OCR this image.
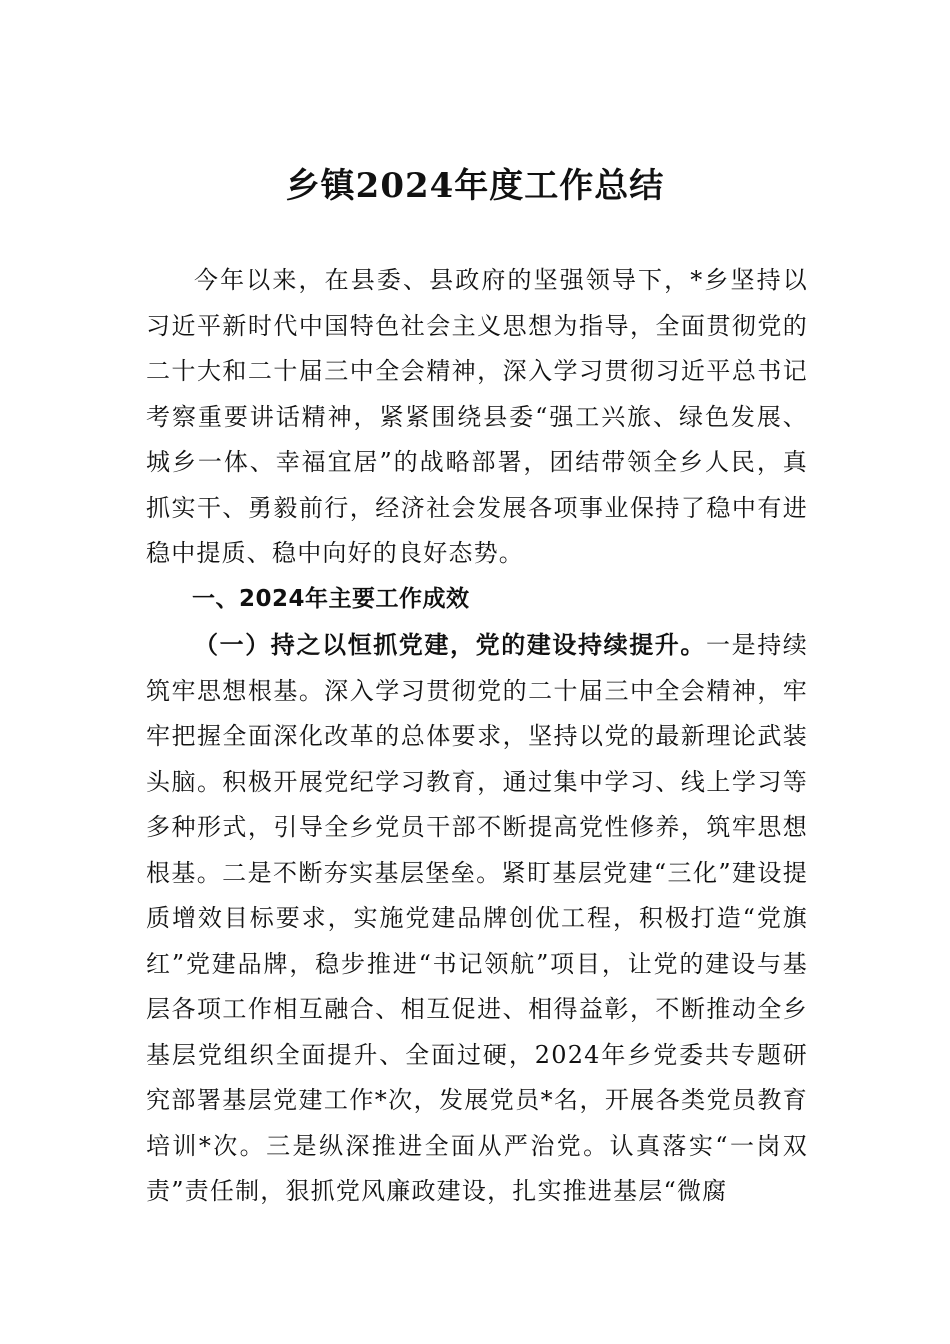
乡镇2024年度工作总结

今年以来，在县委、县政府的坚强领导下，*乡坚持以习近平新时代中国特色社会主义思想为指导，全面贯彻党的二十大和二十届三中全会精神，深入学习贯彻习近平总书记考察重要讲话精神，紧紧围绕县委“强工兴旅、绿色发展、城乡一体、幸福宜居”的战略部署，团结带领全乡人民，真抓实干、勇毅前行，经济社会发展各项事业保持了稳中有进稳中提质、稳中向好的良好态势。

一、2024年主要工作成效

（一）持之以恒抓党建，党的建设持续提升。一是持续筑牢思想根基。深入学习贯彻党的二十届三中全会精神，牢牢把握全面深化改革的总体要求，坚持以党的最新理论武装头脑。积极开展党纪学习教育，通过集中学习、线上学习等多种形式，引导全乡党员干部不断提高党性修养，筑牢思想根基。二是不断夯实基层堡垒。紧盯基层党建“三化”建设提质增效目标要求，实施党建品牌创优工程，积极打造“党旗红”党建品牌，稳步推进“书记领航”项目，让党的建设与基层各项工作相互融合、相互促进、相得益彰，不断推动全乡基层党组织全面提升、全面过硬，2024年乡党委共专题研究部署基层党建工作*次，发展党员*名，开展各类党员教育培训*次。三是纵深推进全面从严治党。认真落实“一岗双责”责任制，狠抓党风廉政建设，扎实推进基层“微腐
